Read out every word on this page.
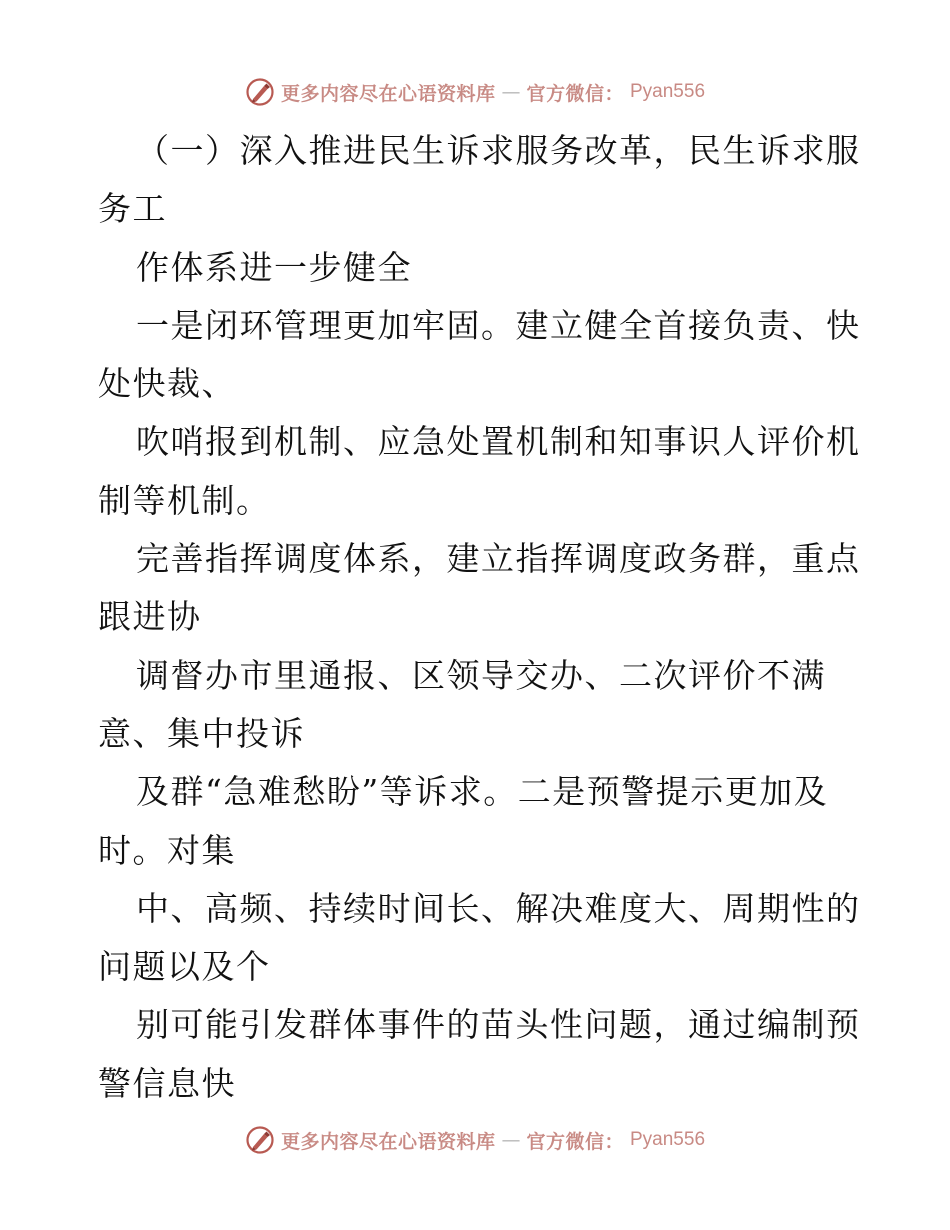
更多内容尽在心语资料库 — 官方微信： Pyan556
（一）深入推进民生诉求服务改革，民生诉求服
务工
作体系进一步健全
一是闭环管理更加牢固。建立健全首接负责、快
处快裁、
吹哨报到机制、应急处置机制和知事识人评价机
制等机制。
完善指挥调度体系，建立指挥调度政务群，重点
跟进协
调督办市里通报、区领导交办、二次评价不满
意、集中投诉
及群“急难愁盼”等诉求。二是预警提示更加及
时。对集
中、高频、持续时间长、解决难度大、周期性的
问题以及个
别可能引发群体事件的苗头性问题，通过编制预
警信息快
更多内容尽在心语资料库 — 官方微信： Pyan556
